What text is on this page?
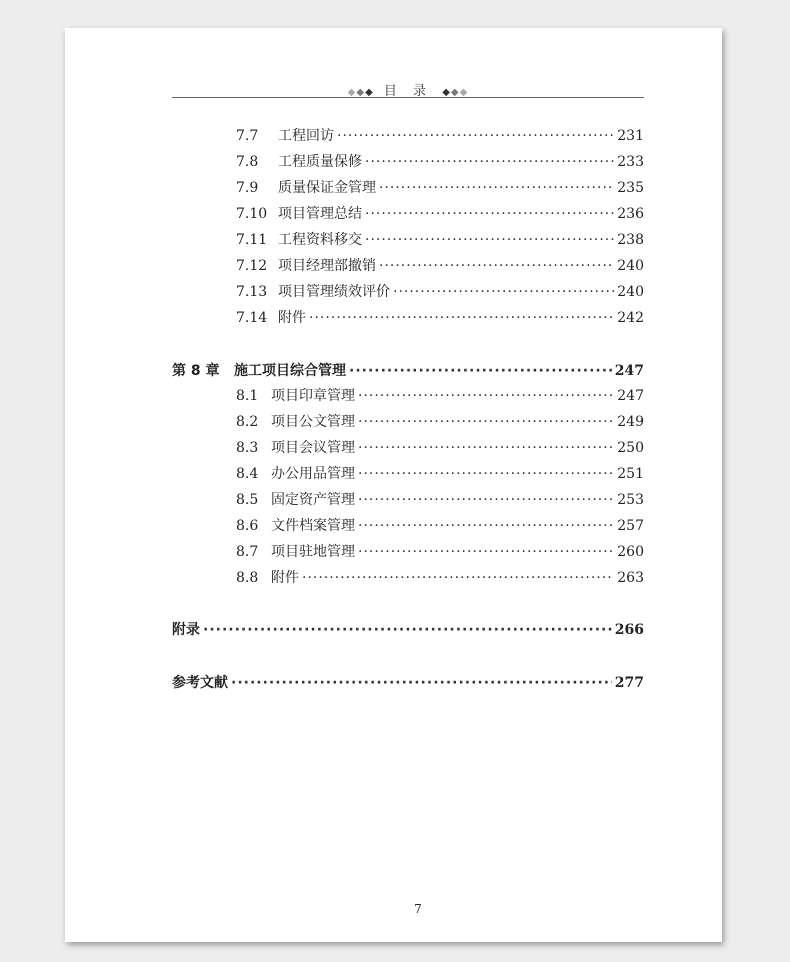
◆◆◆ 目 录 ◆◆◆
7.7	工程回访 ·····	231
7.8	工程质量保修 ·····	233
7.9	质量保证金管理 ·····	235
7.10 项目管理总结 ·····	236
7.11 工程资料移交 ·····	238
7.12 项目经理部撤销 ·····	240
7.13 项目管理绩效评价 ·····	240
7.14 附件 ·····	242
第 8 章	施工项目综合管理 ·····	247
8.1 项目印章管理 ·····	247
8.2 项目公文管理 ·····	249
8.3 项目会议管理 ·····	250
8.4 办公用品管理 ·····	251
8.5 固定资产管理 ·····	253
8.6 文件档案管理 ·····	257
8.7 项目驻地管理 ·····	260
8.8 附件 ·····	263
附录 ·····	266
参考文献 ·····	277
7
